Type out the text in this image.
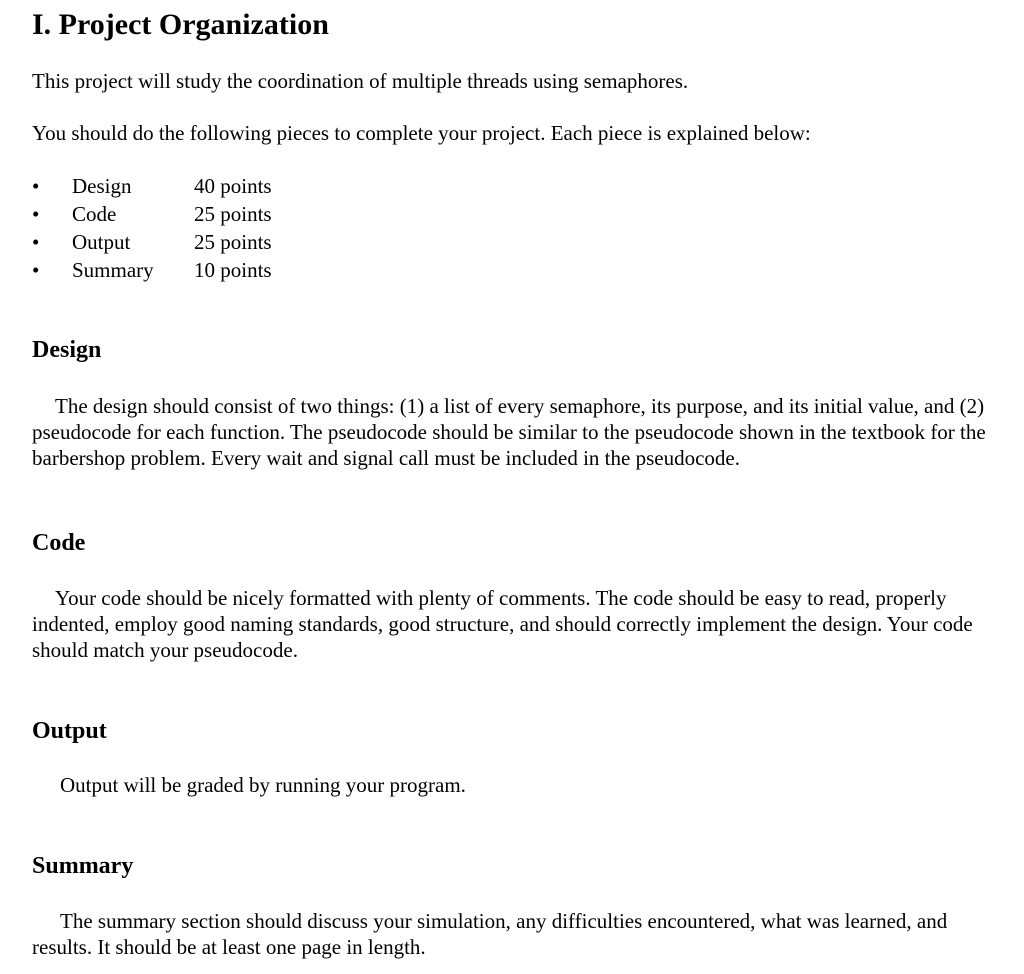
I. Project Organization
This project will study the coordination of multiple threads using semaphores.
You should do the following pieces to complete your project. Each piece is explained below:
•	Design	40 points
•	Code	25 points
•	Output	25 points
•	Summary 10 points
Design
The design should consist of two things: (1) a list of every semaphore, its purpose, and its initial value, and (2) pseudocode for each function. The pseudocode should be similar to the pseudocode shown in the textbook for the barbershop problem. Every wait and signal call must be included in the pseudocode.
Code
Your code should be nicely formatted with plenty of comments. The code should be easy to read, properly indented, employ good naming standards, good structure, and should correctly implement the design. Your code should match your pseudocode.
Output
Output will be graded by running your program.
Summary
The summary section should discuss your simulation, any difficulties encountered, what was learned, and results. It should be at least one page in length.
